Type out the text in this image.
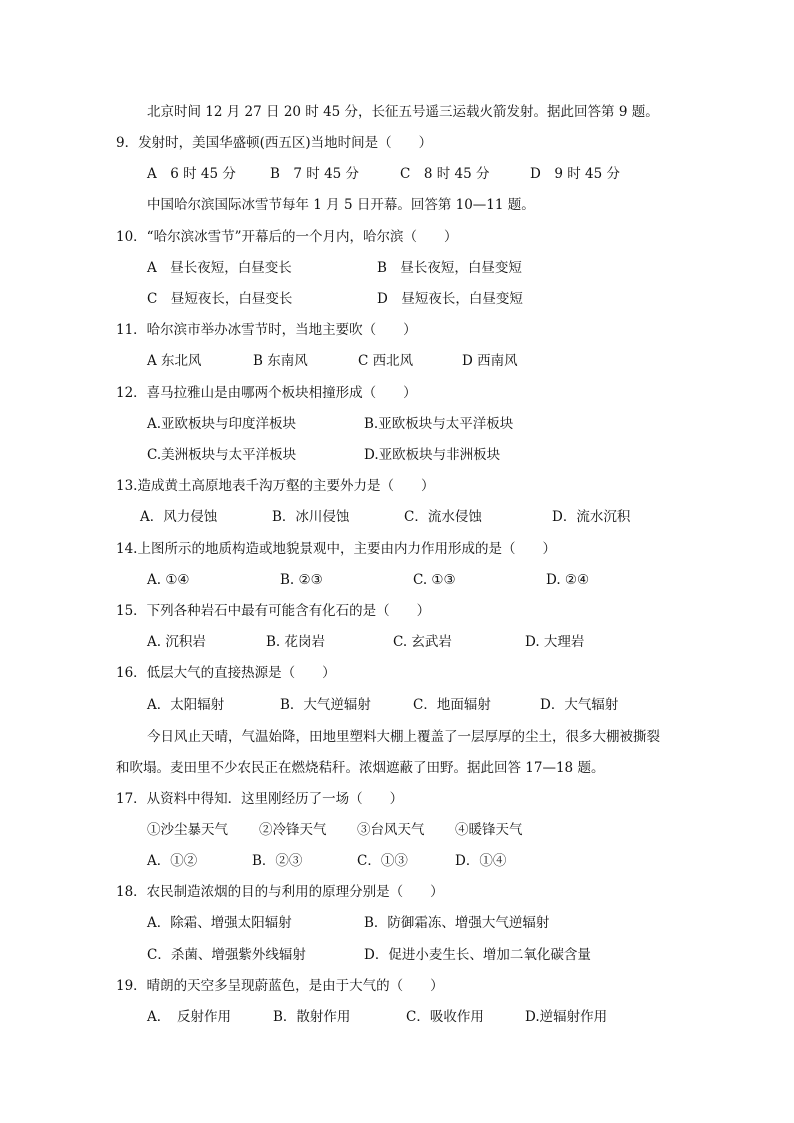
北京时间 12 月 27 日 20 时 45 分，长征五号遥三运载火箭发射。据此回答第 9 题。
9．发射时，美国华盛顿(西五区)当地时间是（　　）
A　6 时 45 分	B　7 时 45 分	C　8 时 45 分	D　9 时 45 分
中国哈尔滨国际冰雪节每年 1 月 5 日开幕。回答第 10—11 题。
10．“哈尔滨冰雪节”开幕后的一个月内，哈尔滨（　　）
A　昼长夜短，白昼变长	B　昼长夜短，白昼变短
C　昼短夜长，白昼变长	D　昼短夜长，白昼变短
11．哈尔滨市举办冰雪节时，当地主要吹（　　）
A 东北风	B 东南风	C 西北风	D 西南风
12．喜马拉雅山是由哪两个板块相撞形成（　　）
A.亚欧板块与印度洋板块	B.亚欧板块与太平洋板块
C.美洲板块与太平洋板块	D.亚欧板块与非洲板块
13.造成黄土高原地表千沟万壑的主要外力是（　　）
A．风力侵蚀	B．冰川侵蚀	C．流水侵蚀	D．流水沉积
14.上图所示的地质构造或地貌景观中，主要由内力作用形成的是（　　）
A. ①④	B. ②③	C. ①③	D. ②④
15．下列各种岩石中最有可能含有化石的是（　　）
A. 沉积岩	B. 花岗岩	C. 玄武岩	D. 大理岩
16．低层大气的直接热源是（　　）
A．太阳辐射	B．大气逆辐射	C．地面辐射	D．大气辐射
今日风止天晴，气温始降，田地里塑料大棚上覆盖了一层厚厚的尘土，很多大棚被撕裂
和吹塌。麦田里不少农民正在燃烧秸秆。浓烟遮蔽了田野。据此回答 17—18 题。
17．从资料中得知．这里刚经历了一场（　　）
①沙尘暴天气 ②冷锋天气 ③台风天气 ④暖锋天气
A．①②	B．②③	C．①③	D．①④
18．农民制造浓烟的目的与利用的原理分别是（　　）
A．除霜、增强太阳辐射	B．防御霜冻、增强大气逆辐射
C．杀菌、增强紫外线辐射	D．促进小麦生长、增加二氧化碳含量
19．晴朗的天空多呈现蔚蓝色，是由于大气的（　　）
A．　反射作用	B．散射作用	C．吸收作用	D.逆辐射作用
